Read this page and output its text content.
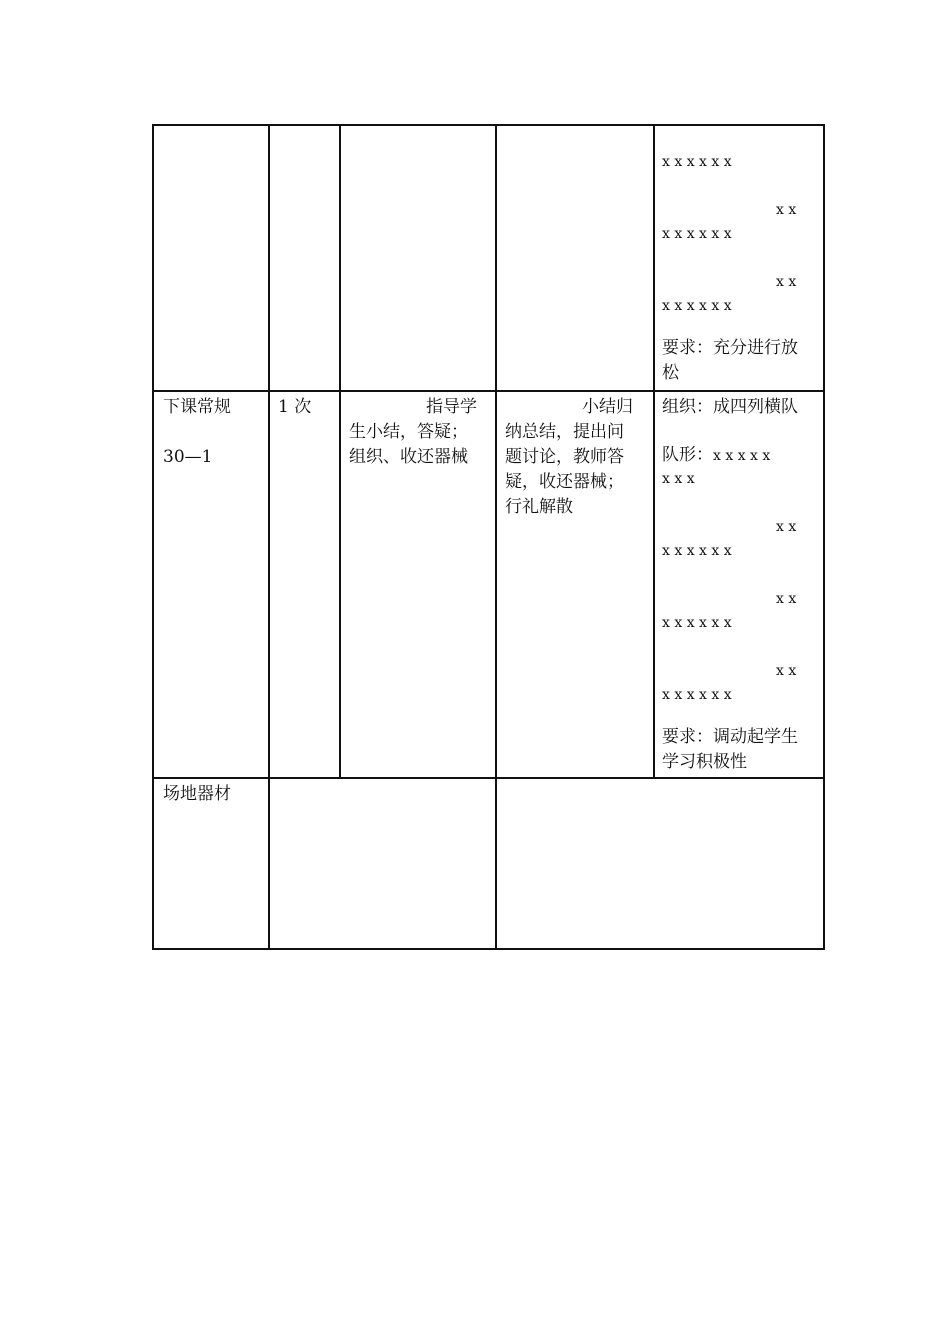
x x x x x x
x x
x x x x x x
x x
x x x x x x
要求：充分进行放
松
下课常规
30—1
1 次	指导学
生小结，答疑；
组织、收还器械
小结归
纳总结，提出问
题讨论，教师答
疑，收还器械；
行礼解散
组织：成四列横队
队形：x x x x x
x x x
x x
x x x x x x
x x
x x x x x x
x x
x x x x x x
要求：调动起学生
学习积极性
场地器材
